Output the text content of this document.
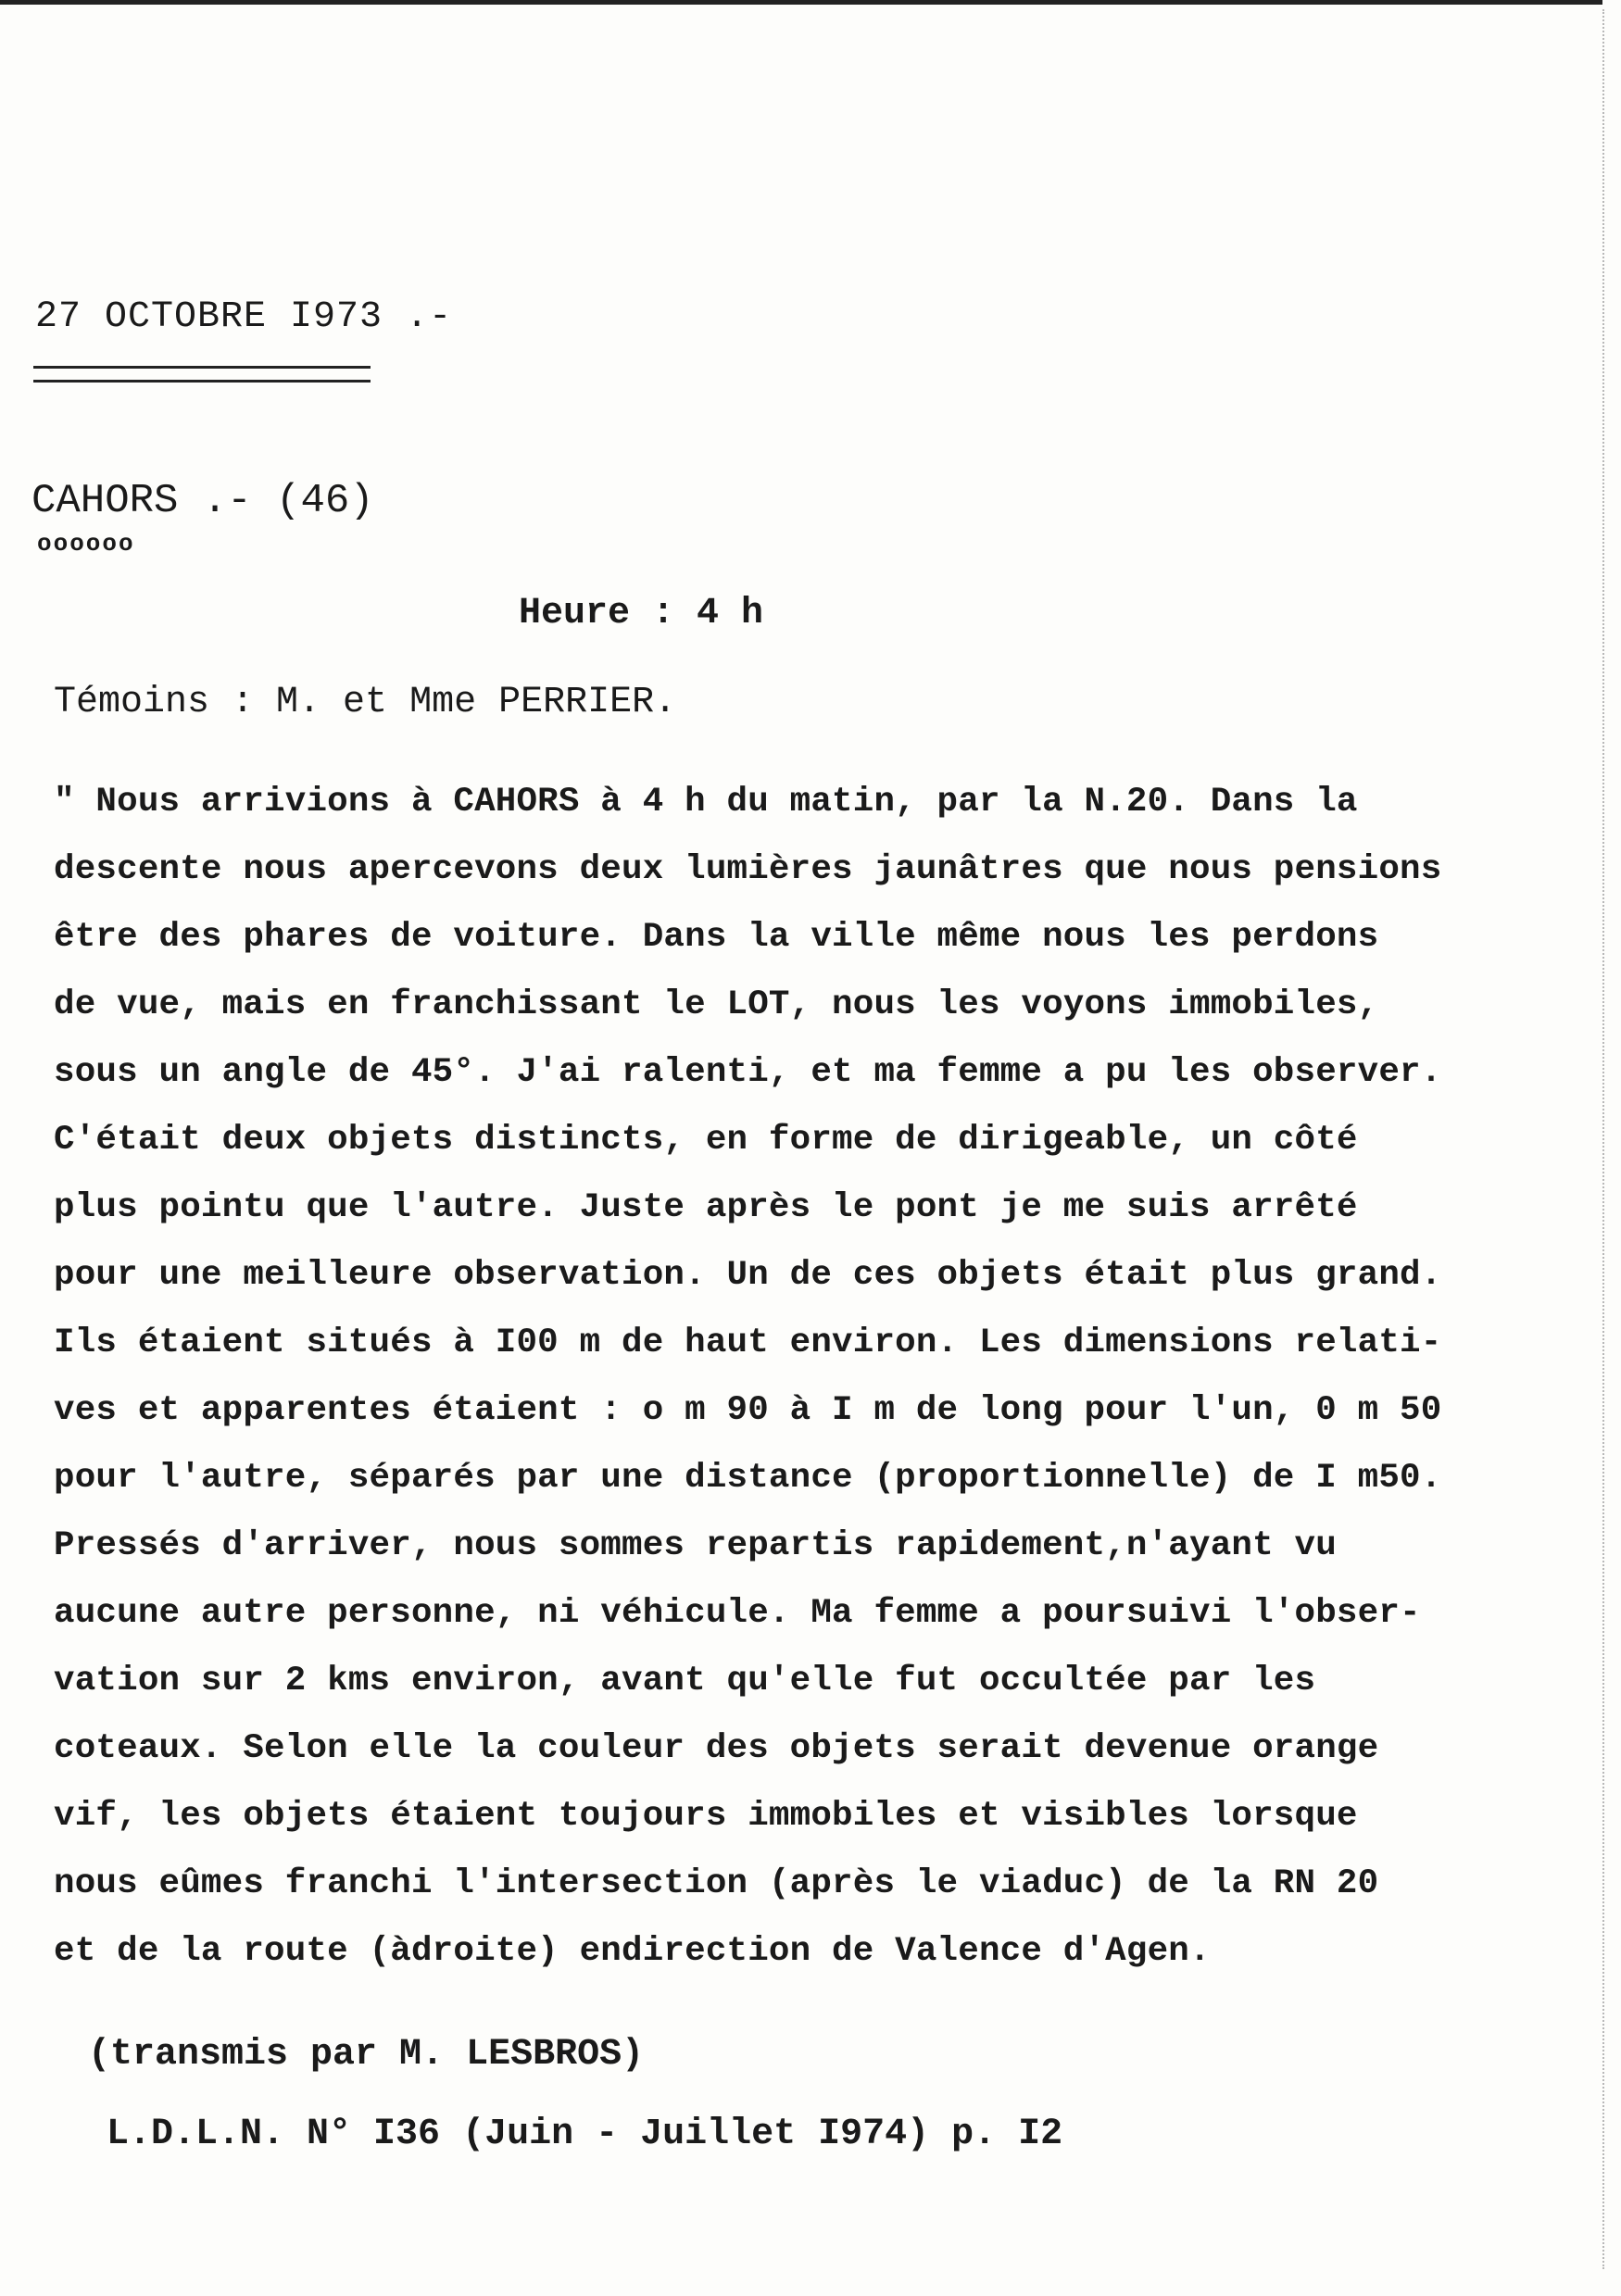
27 OCTOBRE I973 .-
CAHORS .- (46)
oooooo
Heure : 4 h
Témoins : M. et Mme PERRIER.
" Nous arrivions à CAHORS à 4 h du matin, par la N.20. Dans la
descente nous apercevons deux lumières jaunâtres que nous pensions
être des phares de voiture. Dans la ville même nous les perdons
de vue, mais en franchissant le LOT, nous les voyons immobiles,
sous un angle de 45°. J'ai ralenti, et ma femme a pu les observer.
C'était deux objets distincts, en forme de dirigeable, un côté
plus pointu que l'autre. Juste après le pont je me suis arrêté
pour une meilleure observation. Un de ces objets était plus grand.
Ils étaient situés à I00 m de haut environ. Les dimensions relati-
ves et apparentes étaient : o m 90 à I m de long pour l'un, 0 m 50
pour l'autre, séparés par une distance (proportionnelle) de I m50.
Pressés d'arriver, nous sommes repartis rapidement,n'ayant vu
aucune autre personne, ni véhicule. Ma femme a poursuivi l'obser-
vation sur 2 kms environ, avant qu'elle fut occultée par les
coteaux. Selon elle la couleur des objets serait devenue orange
vif, les objets étaient toujours immobiles et visibles lorsque
nous eûmes franchi l'intersection (après le viaduc) de la RN 20
et de la route (àdroite) endirection de Valence d'Agen.
(transmis par M. LESBROS)
L.D.L.N. N° I36 (Juin - Juillet I974) p. I2
